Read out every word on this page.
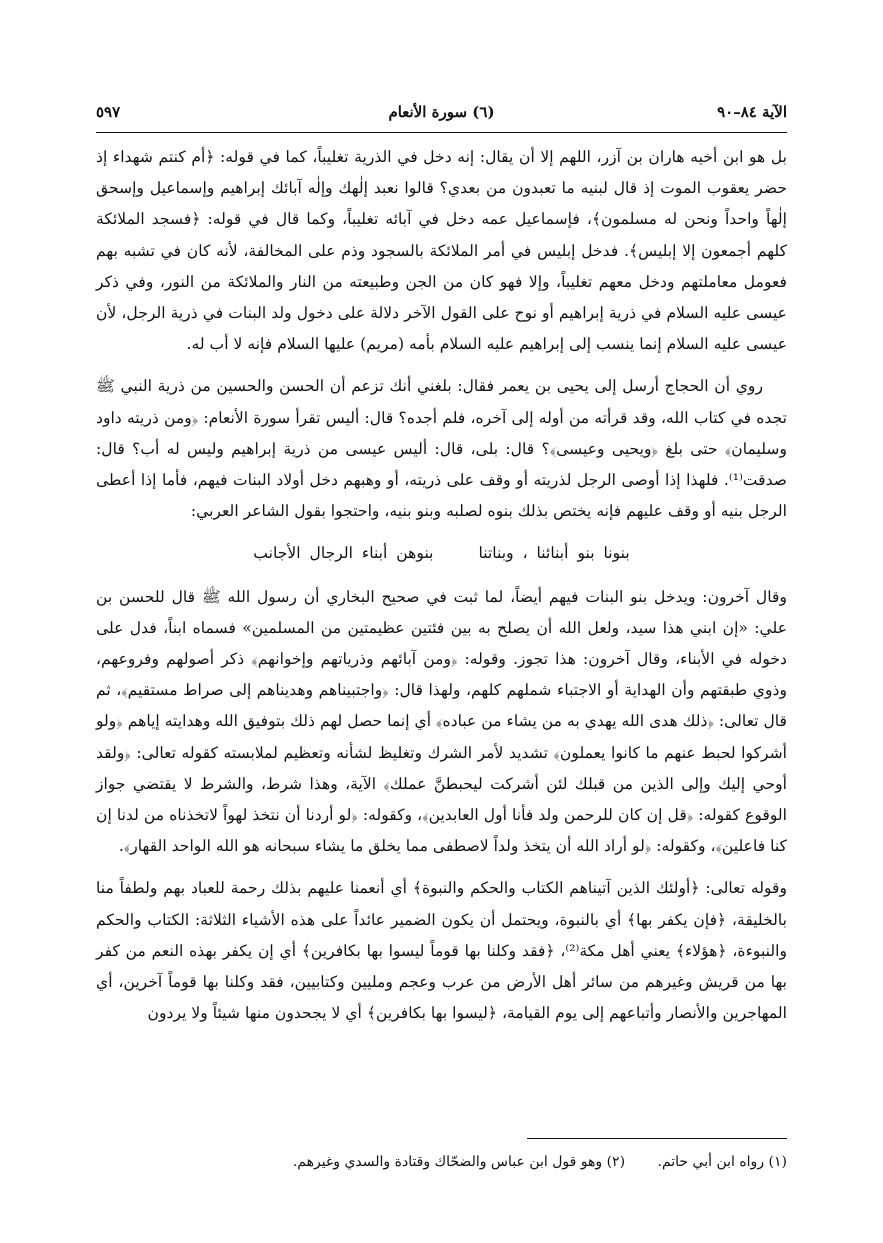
الآية ٨٤–٩٠
(٦) سورة الأنعام
٥٩٧

بل هو ابن أخيه هاران بن آزر، اللهم إلا أن يقال: إنه دخل في الذرية تغليباً، كما في قوله: ﴿أم كنتم شهداء إذ حضر يعقوب الموت إذ قال لبنيه ما تعبدون من بعدي؟ قالوا نعبد إلٰهك وإلٰه آبائك إبراهيم وإسماعيل وإسحق إلٰهاً واحداً ونحن له مسلمون﴾، فإسماعيل عمه دخل في آبائه تغليباً، وكما قال في قوله: ﴿فسجد الملائكة كلهم أجمعون إلا إبليس﴾. فدخل إبليس في أمر الملائكة بالسجود وذم على المخالفة، لأنه كان في تشبه بهم فعومل معاملتهم ودخل معهم تغليباً، وإلا فهو كان من الجن وطبيعته من النار والملائكة من النور، وفي ذكر عيسى عليه السلام في ذرية إبراهيم أو نوح على القول الآخر دلالة على دخول ولد البنات في ذرية الرجل، لأن عيسى عليه السلام إنما ينسب إلى إبراهيم عليه السلام بأمه (مريم) عليها السلام فإنه لا أب له.

روي أن الحجاج أرسل إلى يحيى بن يعمر فقال: بلغني أنك تزعم أن الحسن والحسين من ذرية النبي ﷺ تجده في كتاب الله، وقد قرأته من أوله إلى آخره، فلم أجده؟ قال: أليس تقرأ سورة الأنعام: ﴿ومن ذريته داود وسليمان﴾ حتى بلغ ﴿ويحيى وعيسى﴾؟ قال: بلى، قال: أليس عيسى من ذرية إبراهيم وليس له أب؟ قال: صدقت⁽¹⁾. فلهذا إذا أوصى الرجل لذريته أو وقف على ذريته، أو وهبهم دخل أولاد البنات فيهم، فأما إذا أعطى الرجل بنيه أو وقف عليهم فإنه يختص بذلك بنوه لصلبه وبنو بنيه، واحتجوا بقول الشاعر العربي:

بنونا بنو أبنائنا ، وبناتنا بنوهن أبناء الرجال الأجانب

وقال آخرون: ويدخل بنو البنات فيهم أيضاً، لما ثبت في صحيح البخاري أن رسول الله ﷺ قال للحسن بن علي: «إن ابني هذا سيد، ولعل الله أن يصلح به بين فئتين عظيمتين من المسلمين» فسماه ابناً، فدل على دخوله في الأبناء، وقال آخرون: هذا تجوز. وقوله: ﴿ومن آبائهم وذرياتهم وإخوانهم﴾ ذكر أصولهم وفروعهم، وذوي طبقتهم وأن الهداية أو الاجتباء شملهم كلهم، ولهذا قال: ﴿واجتبيناهم وهديناهم إلى صراط مستقيم﴾، ثم قال تعالى: ﴿ذلك هدى الله يهدي به من يشاء من عباده﴾ أي إنما حصل لهم ذلك بتوفيق الله وهدايته إياهم ﴿ولو أشركوا لحبط عنهم ما كانوا يعملون﴾ تشديد لأمر الشرك وتغليظ لشأنه وتعظيم لملابسته كقوله تعالى: ﴿ولقد أوحي إليك وإلى الذين من قبلك لئن أشركت ليحبطنَّ عملك﴾ الآية، وهذا شرط، والشرط لا يقتضي جواز الوقوع كقوله: ﴿قل إن كان للرحمن ولد فأنا أول العابدين﴾، وكقوله: ﴿لو أردنا أن نتخذ لهواً لاتخذناه من لدنا إن كنا فاعلين﴾، وكقوله: ﴿لو أراد الله أن يتخذ ولداً لاصطفى مما يخلق ما يشاء سبحانه هو الله الواحد القهار﴾.

وقوله تعالى: ﴿أولئك الذين آتيناهم الكتاب والحكم والنبوة﴾ أي أنعمنا عليهم بذلك رحمة للعباد بهم ولطفاً منا بالخليقة، ﴿فإن يكفر بها﴾ أي بالنبوة، ويحتمل أن يكون الضمير عائداً على هذه الأشياء الثلاثة: الكتاب والحكم والنبوءة، ﴿هؤلاء﴾ يعني أهل مكة⁽²⁾، ﴿فقد وكلنا بها قوماً ليسوا بها بكافرين﴾ أي إن يكفر بهذه النعم من كفر بها من قريش وغيرهم من سائر أهل الأرض من عرب وعجم ومليين وكتابيين، فقد وكلنا بها قوماً آخرين، أي المهاجرين والأنصار وأتباعهم إلى يوم القيامة، ﴿ليسوا بها بكافرين﴾ أي لا يجحدون منها شيئاً ولا يردون

(١) رواه ابن أبي حاتم. (٢) وهو قول ابن عباس والضحّاك وقتادة والسدي وغيرهم.
